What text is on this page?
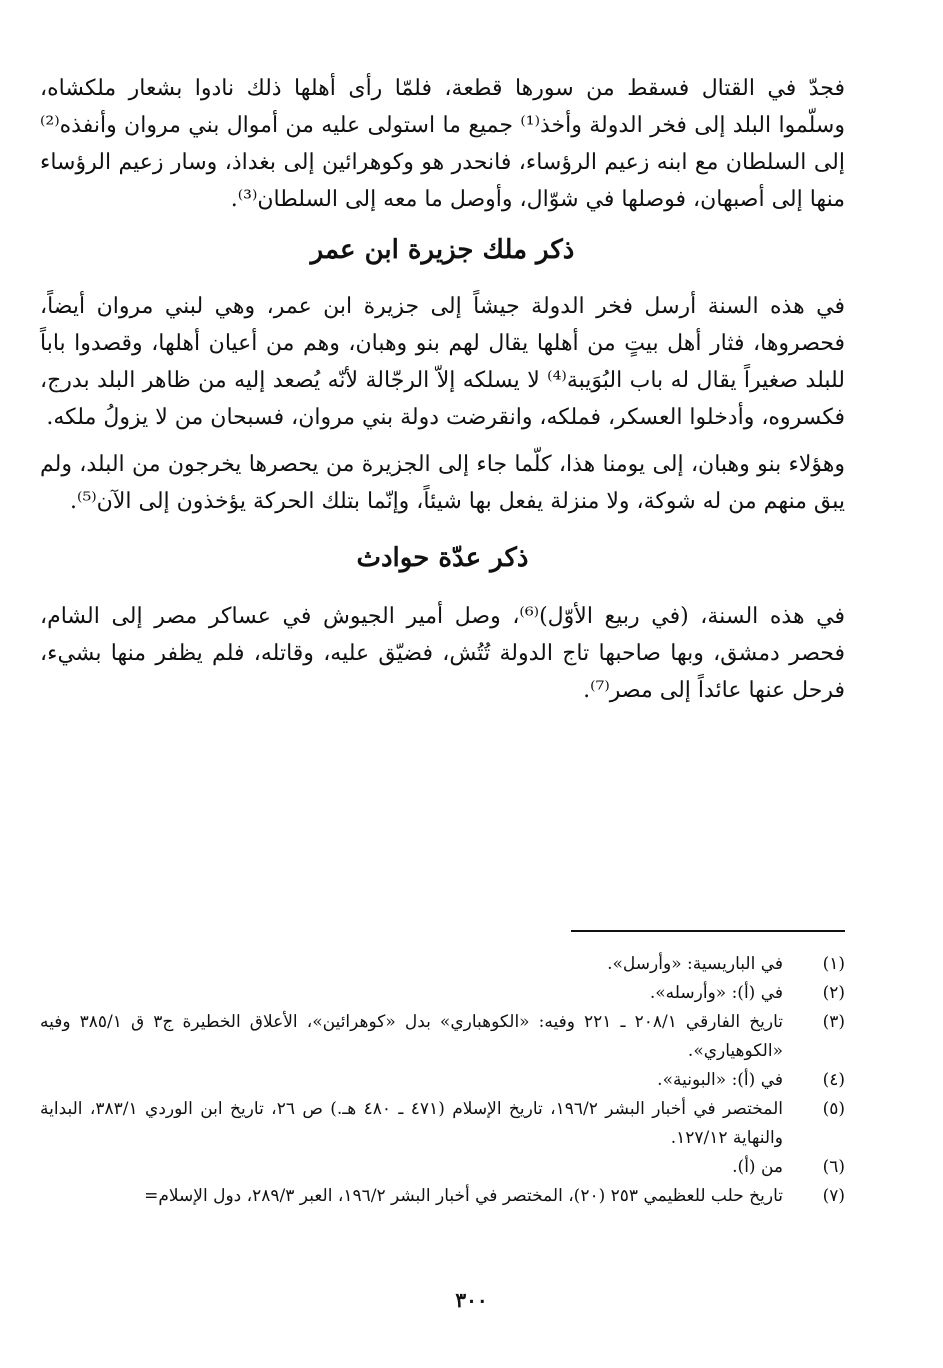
فجدّ في القتال فسقط من سورها قطعة، فلمّا رأى أهلها ذلك نادوا بشعار ملكشاه، وسلّموا البلد إلى فخر الدولة وأخذ⁽¹⁾ جميع ما استولى عليه من أموال بني مروان وأنفذه⁽²⁾ إلى السلطان مع ابنه زعيم الرؤساء، فانحدر هو وكوهرائين إلى بغداذ، وسار زعيم الرؤساء منها إلى أصبهان، فوصلها في شوّال، وأوصل ما معه إلى السلطان⁽³⁾.

ذكر ملك جزيرة ابن عمر

في هذه السنة أرسل فخر الدولة جيشاً إلى جزيرة ابن عمر، وهي لبني مروان أيضاً، فحصروها، فثار أهل بيتٍ من أهلها يقال لهم بنو وهبان، وهم من أعيان أهلها، وقصدوا باباً للبلد صغيراً يقال له باب البُوَيبة⁽⁴⁾ لا يسلكه إلاّ الرجّالة لأنّه يُصعد إليه من ظاهر البلد بدرج، فكسروه، وأدخلوا العسكر، فملكه، وانقرضت دولة بني مروان، فسبحان من لا يزولُ ملكه.

وهؤلاء بنو وهبان، إلى يومنا هذا، كلّما جاء إلى الجزيرة من يحصرها يخرجون من البلد، ولم يبق منهم من له شوكة، ولا منزلة يفعل بها شيئاً، وإنّما بتلك الحركة يؤخذون إلى الآن⁽⁵⁾.

ذكر عدّة حوادث

في هذه السنة، (في ربيع الأوّل)⁽⁶⁾، وصل أمير الجيوش في عساكر مصر إلى الشام، فحصر دمشق، وبها صاحبها تاج الدولة تُتُش، فضيّق عليه، وقاتله، فلم يظفر منها بشيء، فرحل عنها عائداً إلى مصر⁽⁷⁾.

(١)
في الباريسية: «وأرسل».
(٢)
في (أ): «وأرسله».
(٣)
تاريخ الفارقي ٢٠٨/١ ـ ٢٢١ وفيه: «الكوهباري» بدل «كوهرائين»، الأعلاق الخطيرة ج٣ ق ٣٨٥/١ وفيه «الكوهياري».
(٤)
في (أ): «البونية».
(٥)
المختصر في أخبار البشر ١٩٦/٢، تاريخ الإسلام (٤٧١ ـ ٤٨٠ هـ.) ص ٢٦، تاريخ ابن الوردي ٣٨٣/١، البداية والنهاية ١٢٧/١٢.
(٦)
من (أ).
(٧)
تاريخ حلب للعظيمي ٢٥٣ (٢٠)، المختصر في أخبار البشر ١٩٦/٢، العبر ٢٨٩/٣، دول الإسلام=
٣٠٠
